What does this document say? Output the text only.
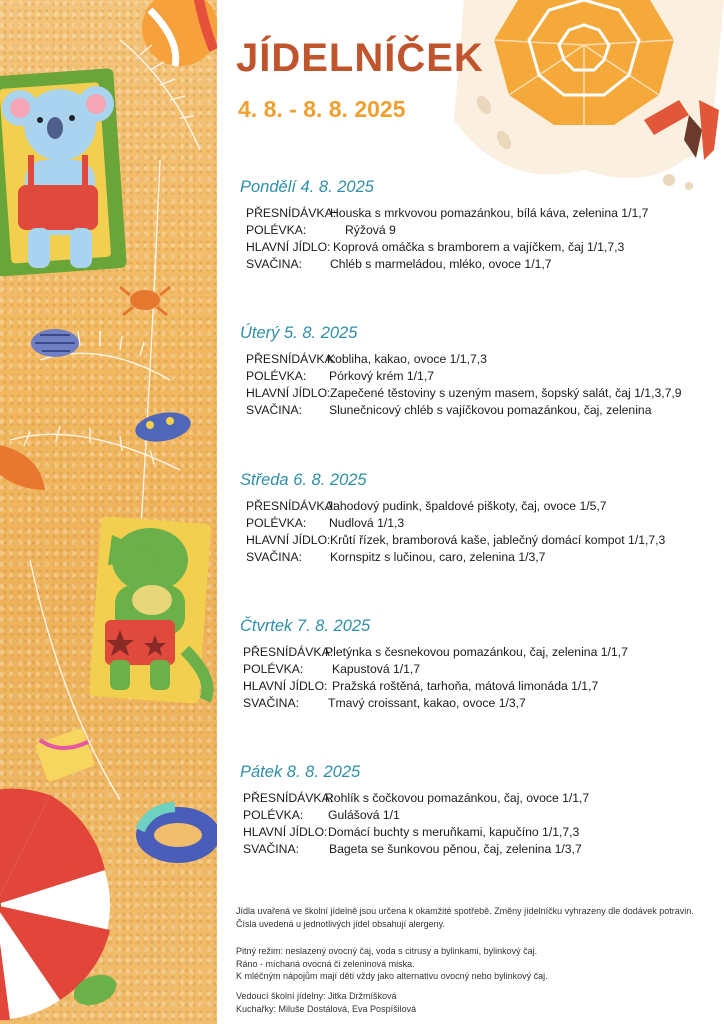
JÍDELNÍČEK
4. 8. - 8. 8. 2025
Pondělí 4. 8. 2025
PŘESNÍDÁVKA:
Houska s mrkvovou pomazánkou, bílá káva, zelenina 1/1,7
POLÉVKA:	Rýžová 9
HLAVNÍ JÍDLO: Koprová omáčka s bramborem a vajíčkem, čaj 1/1,7,3
SVAČINA: Chléb s marmeládou, mléko, ovoce 1/1,7
Úterý 5. 8. 2025
PŘESNÍDÁVKA:
Kobliha, kakao, ovoce 1/1,7,3
POLÉVKA: Pórkový krém 1/1,7
HLAVNÍ JÍDLO: Zapečené těstoviny s uzeným masem, šopský salát, čaj 1/1,3,7,9
SVAČINA: Slunečnicový chléb s vajíčkovou pomazánkou, čaj, zelenina
Středa 6. 8. 2025
PŘESNÍDÁVKA:
Jahodový pudink, špaldové piškoty, čaj, ovoce 1/5,7
POLÉVKA: Nudlová 1/1,3
HLAVNÍ JÍDLO: Krůtí řízek, bramborová kaše, jablečný domácí kompot 1/1,7,3
SVAČINA: Kornspitz s lučinou, caro, zelenina 1/3,7
Čtvrtek 7. 8. 2025
PŘESNÍDÁVKA:
Pletýnka s česnekovou pomazánkou, čaj, zelenina 1/1,7
POLÉVKA: Kapustová 1/1,7
HLAVNÍ JÍDLO: Pražská roštěná, tarhoňa, mátová limonáda 1/1,7
SVAČINA: Tmavý croissant, kakao, ovoce 1/3,7
Pátek 8. 8. 2025
PŘESNÍDÁVKA:
Rohlík s čočkovou pomazánkou, čaj, ovoce 1/1,7
POLÉVKA: Gulášová 1/1
HLAVNÍ JÍDLO: Domácí buchty s meruňkami, kapučíno 1/1,7,3
SVAČINA: Bageta se šunkovou pěnou, čaj, zelenina 1/3,7

Jídla uvařená ve školní jídelně jsou určena k okamžité spotřebě. Změny jídelníčku vyhrazeny dle dodávek potravin.

Čísla uvedená u jednotlivých jídel obsahují alergeny.

Pitný režim: neslazený ovocný čaj, voda s citrusy a bylinkami, bylinkový čaj.

Ráno - míchaná ovocná či zeleninová miska.

K mléčným nápojům mají děti vždy jako alternativu ovocný nebo bylinkový čaj.

Vedoucí školní jídelny: Jitka Držmíšková

Kuchařky: Miluše Dostálová, Eva Pospíšilová
